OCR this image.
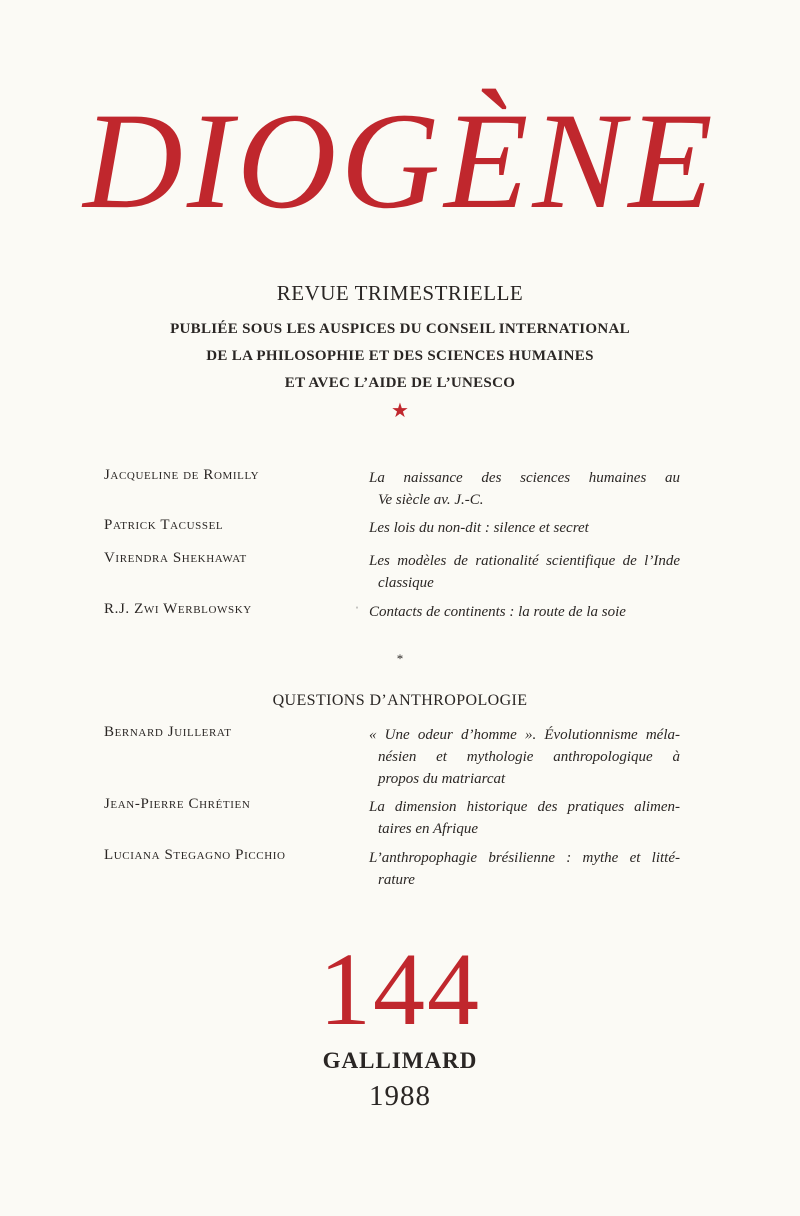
DIOGÈNE
REVUE TRIMESTRIELLE
PUBLIÉE SOUS LES AUSPICES DU CONSEIL INTERNATIONAL
DE LA PHILOSOPHIE ET DES SCIENCES HUMAINES
ET AVEC L’AIDE DE L’UNESCO
★
Jacqueline de Romilly	La naissance des sciences humaines au
Ve siècle av. J.-C.
Patrick Tacussel	Les lois du non-dit : silence et secret
Virendra Shekhawat	Les modèles de rationalité scientifique de l’Inde
classique
ˈ
R.J. Zwi Werblowsky	Contacts de continents : la route de la soie
*
QUESTIONS D’ANTHROPOLOGIE
Bernard Juillerat	« Une odeur d’homme ». Évolutionnisme méla-
nésien et mythologie anthropologique à
propos du matriarcat
Jean-Pierre Chrétien	La dimension historique des pratiques alimen-
taires en Afrique
Luciana Stegagno Picchio	L’anthropophagie brésilienne : mythe et litté-
rature
144
GALLIMARD
1988
